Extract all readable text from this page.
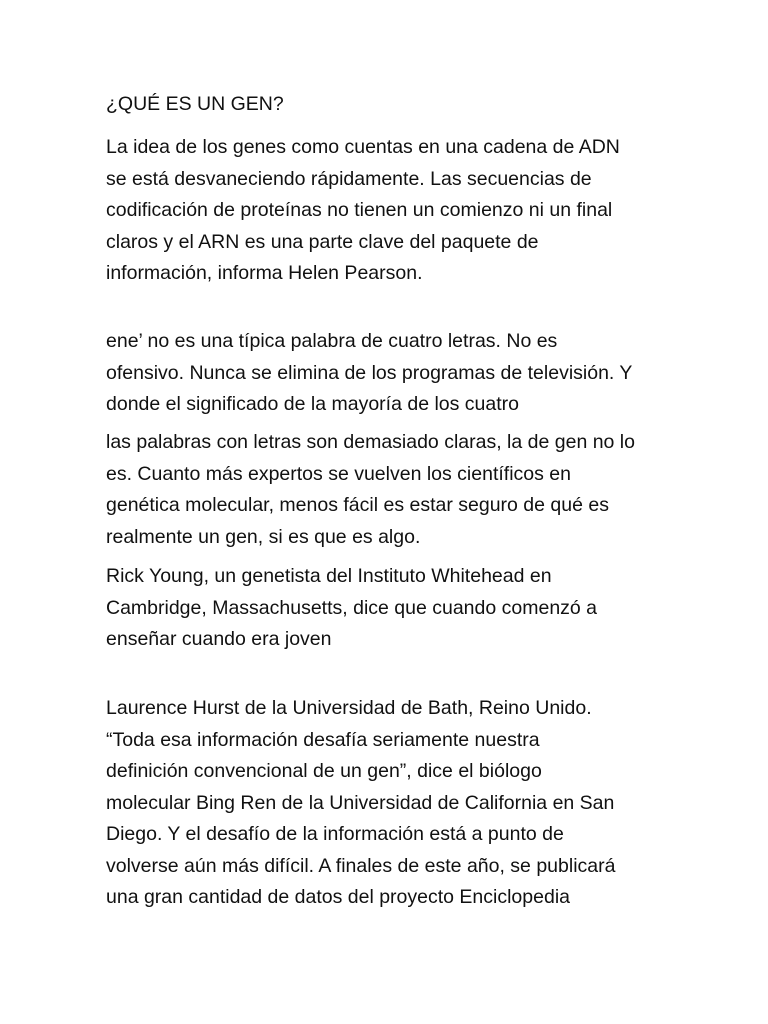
¿QUÉ ES UN GEN?

La idea de los genes como cuentas en una cadena de ADN
se está desvaneciendo rápidamente. Las secuencias de
codificación de proteínas no tienen un comienzo ni un final
claros y el ARN es una parte clave del paquete de
información, informa Helen Pearson.

ene’ no es una típica palabra de cuatro letras. No es
ofensivo. Nunca se elimina de los programas de televisión. Y
donde el significado de la mayoría de los cuatro

las palabras con letras son demasiado claras, la de gen no lo
es. Cuanto más expertos se vuelven los científicos en
genética molecular, menos fácil es estar seguro de qué es
realmente un gen, si es que es algo.

Rick Young, un genetista del Instituto Whitehead en
Cambridge, Massachusetts, dice que cuando comenzó a
enseñar cuando era joven

Laurence Hurst de la Universidad de Bath, Reino Unido.
“Toda esa información desafía seriamente nuestra
definición convencional de un gen”, dice el biólogo
molecular Bing Ren de la Universidad de California en San
Diego. Y el desafío de la información está a punto de
volverse aún más difícil. A finales de este año, se publicará
una gran cantidad de datos del proyecto Enciclopedia
